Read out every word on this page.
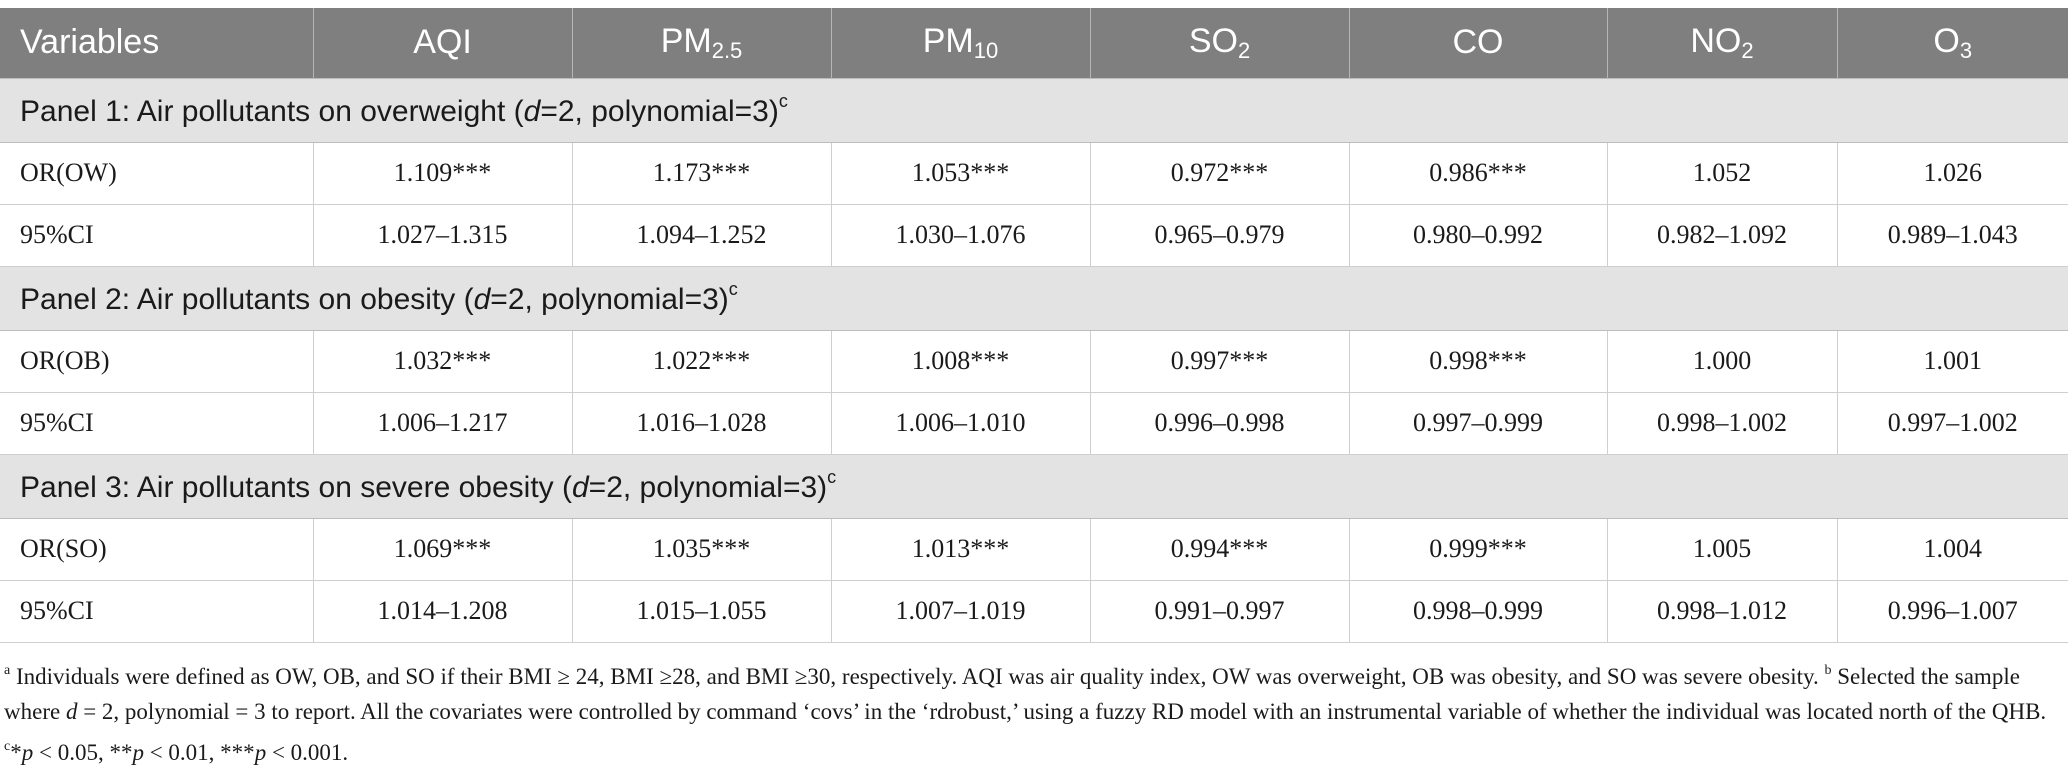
Variables	AQI	$PM_{2.5}$	$PM_{10}$	$SO_2$	CO	$NO_2$	$O_3$
Panel 1: Air pollutants on overweight (d=2, polynomial=3)$^c$
OR(OW)	1.109***	1.173***	1.053***	0.972***	0.986***	1.052	1.026
95%CI	1.027–1.315	1.094–1.252	1.030–1.076	0.965–0.979	0.980–0.992	0.982–1.092	0.989–1.043
Panel 2: Air pollutants on obesity (d=2, polynomial=3)$^c$
OR(OB)	1.032***	1.022***	1.008***	0.997***	0.998***	1.000	1.001
95%CI	1.006–1.217	1.016–1.028	1.006–1.010	0.996–0.998	0.997–0.999	0.998–1.002	0.997–1.002
Panel 3: Air pollutants on severe obesity (d=2, polynomial=3)$^c$
OR(SO)	1.069***	1.035***	1.013***	0.994***	0.999***	1.005	1.004
95%CI	1.014–1.208	1.015–1.055	1.007–1.019	0.991–0.997	0.998–0.999	0.998–1.012	0.996–1.007
$^a$ Individuals were defined as OW, OB, and SO if their BMI ≥ 24, BMI ≥28, and BMI ≥30, respectively. AQI was air quality index, OW was overweight, OB was obesity, and SO was severe obesity. $^b$ Selected the sample where d = 2, polynomial = 3 to report. All the covariates were controlled by command ‘covs’ in the ‘rdrobust,’ using a fuzzy RD model with an instrumental variable of whether the individual was located north of the QHB. $^c$*p < 0.05, **p < 0.01, ***p < 0.001.
